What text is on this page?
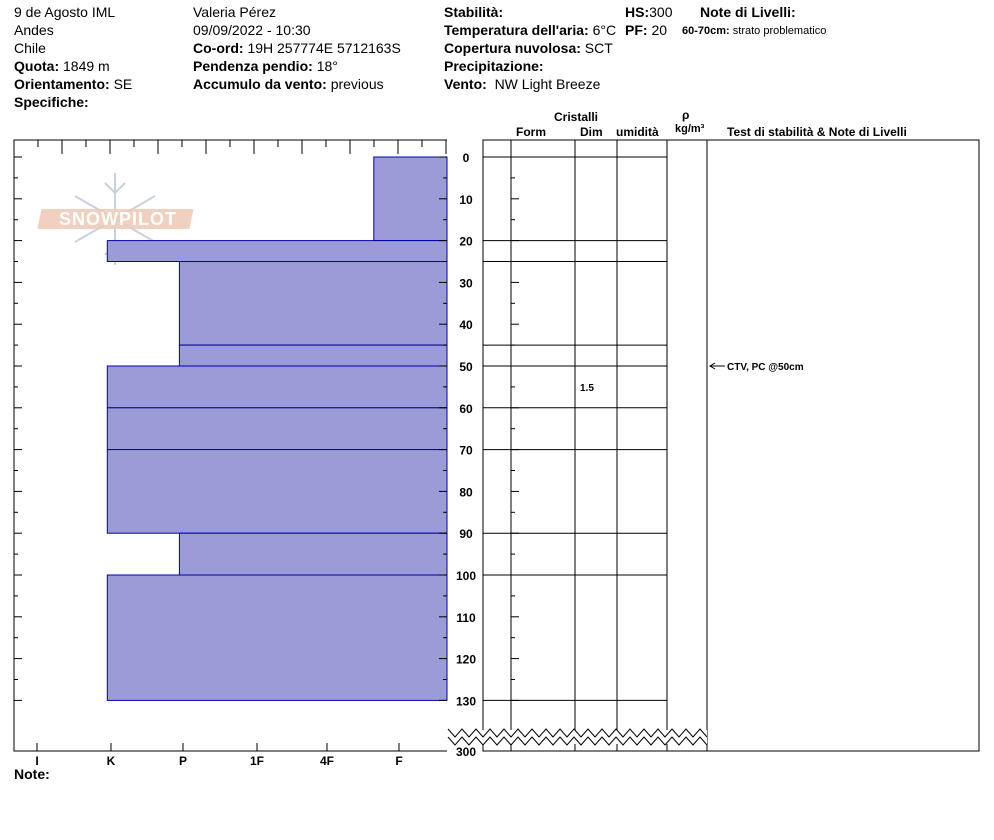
9 de Agosto IML
Andes
Chile
Quota: 1849 m
Orientamento: SE
Specifiche:
Valeria Pérez
09/09/2022 - 10:30
Co-ord: 19H 257774E 5712163S
Pendenza pendio: 18°
Accumulo da vento: previous
Stabilità:
Temperatura dell'aria: 6°C
Copertura nuvolosa: SCT
Precipitazione:
Vento: NW Light Breeze
HS:300
PF: 20
Note di Livelli:
60-70cm: strato problematico
Cristalli
Form	Dim umidità
ρ
kg/m³ Test di stabilità & Note di Livelli
SNOWPILOT
0
10
20
30
40
50
60
70
80
90
100
110
120
130
300
I	K	P	1F	4F	F
1.5
CTV, PC @50cm
Note:
